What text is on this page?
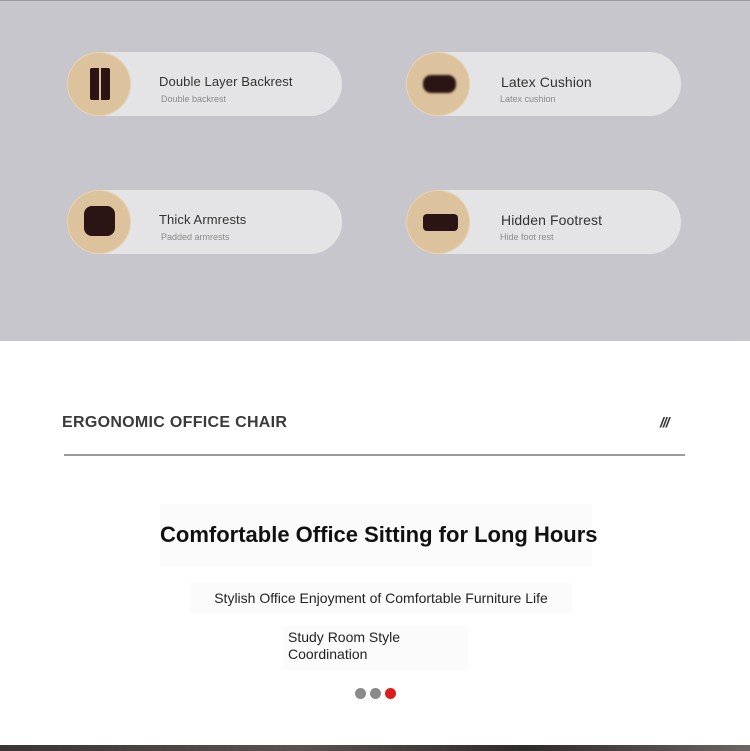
Double Layer Backrest
Double backrest
Latex Cushion
Latex cushion
Thick Armrests
Padded armrests
Hidden Footrest
Hide foot rest
ERGONOMIC OFFICE CHAIR	///
Comfortable Office Sitting for Long Hours

Stylish Office Enjoyment of Comfortable Furniture Life

Study Room Style
Coordination
